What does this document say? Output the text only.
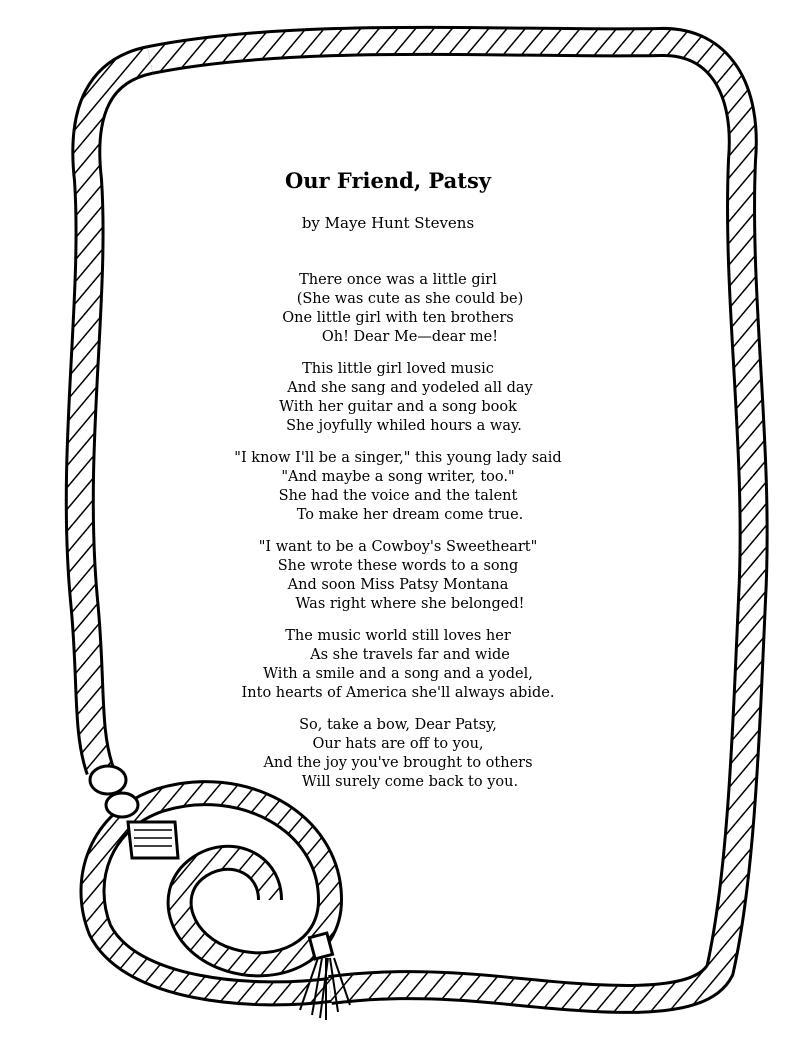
Our Friend, Patsy
by Maye Hunt Stevens
There once was a little girl
(She was cute as she could be)
One little girl with ten brothers
Oh! Dear Me—dear me!
This little girl loved music
And she sang and yodeled all day
With her guitar and a song book
She joyfully whiled hours a way.
"I know I'll be a singer," this young lady said
"And maybe a song writer, too."
She had the voice and the talent
To make her dream come true.
"I want to be a Cowboy's Sweetheart"
She wrote these words to a song
And soon Miss Patsy Montana
Was right where she belonged!
The music world still loves her
As she travels far and wide
With a smile and a song and a yodel,
Into hearts of America she'll always abide.
So, take a bow, Dear Patsy,
Our hats are off to you,
And the joy you've brought to others
Will surely come back to you.
